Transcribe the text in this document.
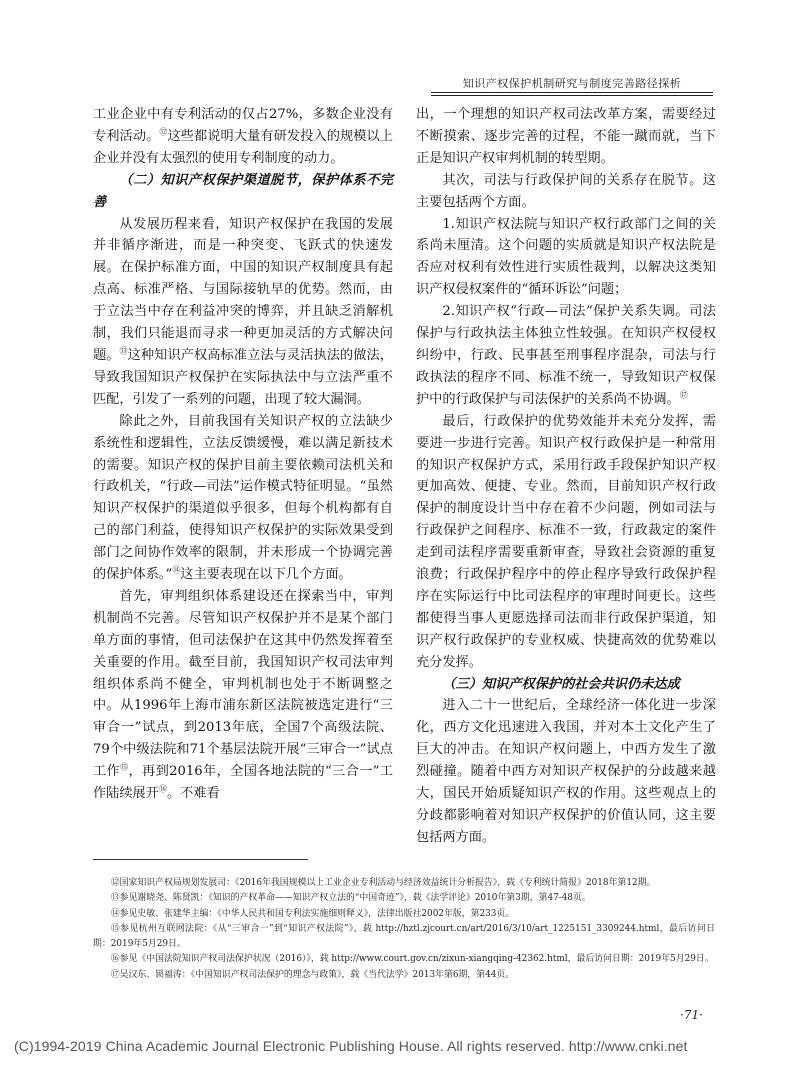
知识产权保护机制研究与制度完善路径探析

工业企业中有专利活动的仅占27%，多数企业没有专利活动。⑫这些都说明大量有研发投入的规模以上企业并没有太强烈的使用专利制度的动力。

（二）知识产权保护渠道脱节，保护体系不完善

从发展历程来看，知识产权保护在我国的发展并非循序渐进，而是一种突变、飞跃式的快速发展。在保护标准方面，中国的知识产权制度具有起点高、标准严格、与国际接轨早的优势。然而，由于立法当中存在利益冲突的博弈，并且缺乏消解机制，我们只能退而寻求一种更加灵活的方式解决问题。⑬这种知识产权高标准立法与灵活执法的做法，导致我国知识产权保护在实际执法中与立法严重不匹配，引发了一系列的问题，出现了较大漏洞。

除此之外，目前我国有关知识产权的立法缺少系统性和逻辑性，立法反馈缓慢，难以满足新技术的需要。知识产权的保护目前主要依赖司法机关和行政机关，“行政—司法”运作模式特征明显。“虽然知识产权保护的渠道似乎很多，但每个机构都有自己的部门利益，使得知识产权保护的实际效果受到部门之间协作效率的限制，并未形成一个协调完善的保护体系。”⑭这主要表现在以下几个方面。

首先，审判组织体系建设还在探索当中，审判机制尚不完善。尽管知识产权保护并不是某个部门单方面的事情，但司法保护在这其中仍然发挥着至关重要的作用。截至目前，我国知识产权司法审判组织体系尚不健全，审判机制也处于不断调整之中。从1996年上海市浦东新区法院被选定进行“三审合一”试点，到2013年底，全国7个高级法院、79个中级法院和71个基层法院开展“三审合一”试点工作⑮，再到2016年，全国各地法院的“三合一”工作陆续展开⑯。不难看

出，一个理想的知识产权司法改革方案，需要经过不断摸索、逐步完善的过程，不能一蹴而就，当下正是知识产权审判机制的转型期。

其次，司法与行政保护间的关系存在脱节。这主要包括两个方面。

1.知识产权法院与知识产权行政部门之间的关系尚未厘清。这个问题的实质就是知识产权法院是否应对权利有效性进行实质性裁判，以解决这类知识产权侵权案件的“循环诉讼”问题；

2.知识产权“行政—司法”保护关系失调。司法保护与行政执法主体独立性较强。在知识产权侵权纠纷中，行政、民事甚至刑事程序混杂，司法与行政执法的程序不同、标准不统一，导致知识产权保护中的行政保护与司法保护的关系尚不协调。⑰

最后，行政保护的优势效能并未充分发挥，需要进一步进行完善。知识产权行政保护是一种常用的知识产权保护方式，采用行政手段保护知识产权更加高效、便捷、专业。然而，目前知识产权行政保护的制度设计当中存在着不少问题，例如司法与行政保护之间程序、标准不一致，行政裁定的案件走到司法程序需要重新审查，导致社会资源的重复浪费；行政保护程序中的停止程序导致行政保护程序在实际运行中比司法程序的审理时间更长。这些都使得当事人更愿选择司法而非行政保护渠道，知识产权行政保护的专业权威、快捷高效的优势难以充分发挥。

（三）知识产权保护的社会共识仍未达成

进入二十一世纪后，全球经济一体化进一步深化，西方文化迅速进入我国，并对本土文化产生了巨大的冲击。在知识产权问题上，中西方发生了激烈碰撞。随着中西方对知识产权保护的分歧越来越大，国民开始质疑知识产权的作用。这些观点上的分歧都影响着对知识产权保护的价值认同，这主要包括两方面。

⑫国家知识产权局规划发展司：《2016年我国规模以上工业企业专利活动与经济效益统计分析报告》，载《专利统计简报》2018年第12期。

⑬参见谢晓尧、陈贤凯：《知识的产权革命——知识产权立法的“中国奇迹”》，载《法学评论》2010年第3期，第47-48页。

⑭参见史敏、张建华主编：《中华人民共和国专利法实施细则释义》，法律出版社2002年版，第233页。

⑮参见杭州互联网法院：《从“三审合一”到“知识产权法院”》，载 http://hztl.zjcourt.cn/art/2016/3/10/art_1225151_3309244.html，最后访问日期：2019年5月29日。

⑯参见《中国法院知识产权司法保护状况（2016）》，载 http://www.court.gov.cn/zixun-xiangqing-42362.html，最后访问日期：2019年5月29日。

⑰吴汉东、锁福涛：《中国知识产权司法保护的理念与政策》，载《当代法学》2013年第6期，第44页。

·71·
(C)1994-2019 China Academic Journal Electronic Publishing House. All rights reserved. http://www.cnki.net
